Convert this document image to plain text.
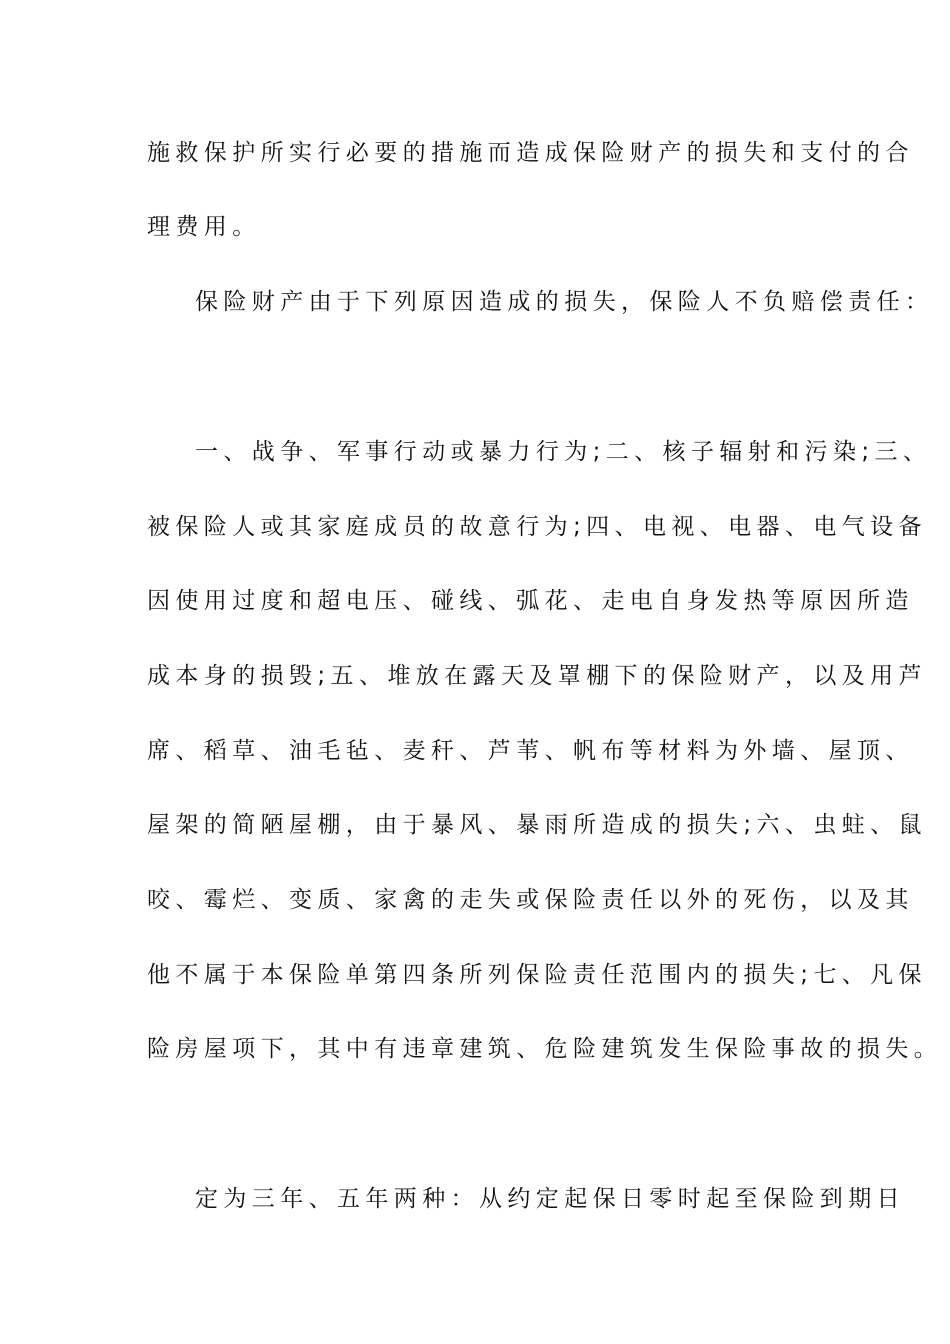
施救保护所实行必要的措施而造成保险财产的损失和支付的合
理费用。
保险财产由于下列原因造成的损失，保险人不负赔偿责任：
一、战争、军事行动或暴力行为;二、核子辐射和污染;三、
被保险人或其家庭成员的故意行为;四、电视、电器、电气设备
因使用过度和超电压、碰线、弧花、走电自身发热等原因所造
成本身的损毁;五、堆放在露天及罩棚下的保险财产，以及用芦
席、稻草、油毛毡、麦秆、芦苇、帆布等材料为外墙、屋顶、
屋架的简陋屋棚，由于暴风、暴雨所造成的损失;六、虫蛀、鼠
咬、霉烂、变质、家禽的走失或保险责任以外的死伤，以及其
他不属于本保险单第四条所列保险责任范围内的损失;七、凡保
险房屋项下，其中有违章建筑、危险建筑发生保险事故的损失。
定为三年、五年两种：从约定起保日零时起至保险到期日
